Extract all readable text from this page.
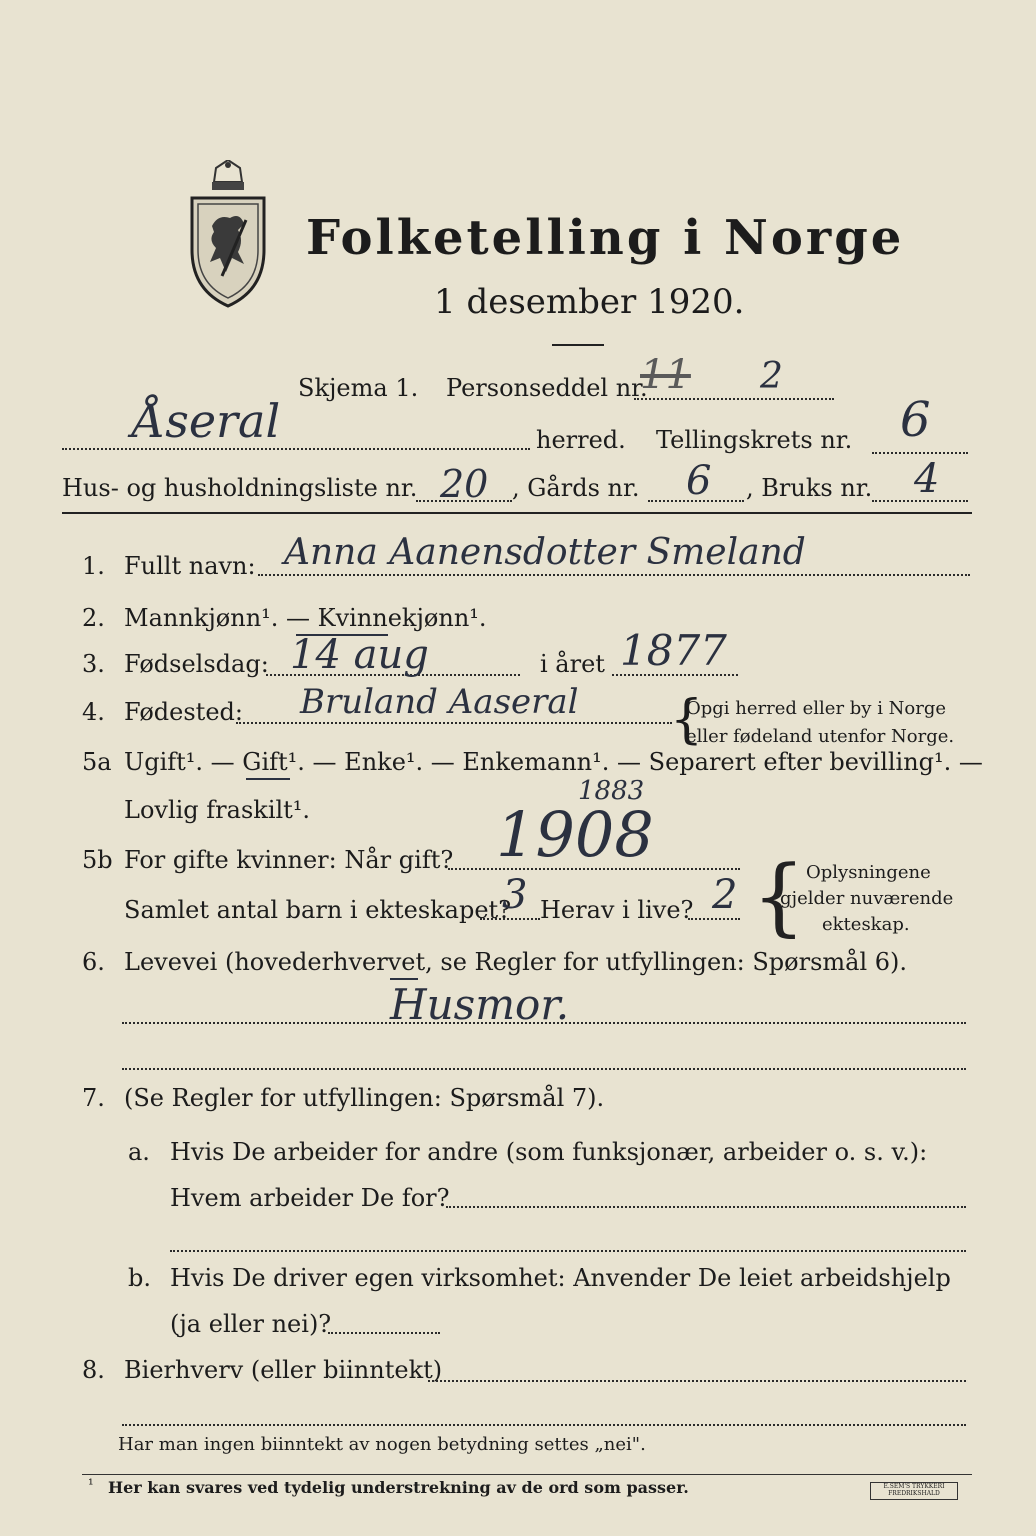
Folketelling i Norge
1 desember 1920.
Skjema 1. Personseddel nr.
11 2
Åseral	herred. Tellingskrets nr. 6
Hus- og husholdningsliste nr. 20 , Gårds nr. 6 , Bruks nr. 4
1. Fullt navn: Anna Aanensdotter Smeland
2. Mannkjønn¹. — Kvinnekjønn¹.
3. Fødselsdag: 14 aug	i året 1877
4. Fødested: Bruland Aaseral {
Opgi herred eller by i Norge
eller fødeland utenfor Norge.
5a Ugift¹. — Gift¹. — Enke¹. — Enkemann¹. — Separert efter bevilling¹. —
Lovlig fraskilt¹.
1883
5b For gifte kvinner: Når gift? 1908
Samlet antal barn i ekteskapet?
3 Herav i live? 2 { Oplysningene
gjelder nuværende
ekteskap.
6. Levevei (hovederhvervet, se Regler for utfyllingen: Spørsmål 6).
Husmor.
7. (Se Regler for utfyllingen: Spørsmål 7).
a. Hvis De arbeider for andre (som funksjonær, arbeider o. s. v.):
Hvem arbeider De for?
b. Hvis De driver egen virksomhet: Anvender De leiet arbeidshjelp
(ja eller nei)?
8. Bierhverv (eller biinntekt)
Har man ingen biinntekt av nogen betydning settes „nei".
¹ Her kan svares ved tydelig understrekning av de ord som passer.	E.SEM'S TRYKKERI FREDRIKSHALD
